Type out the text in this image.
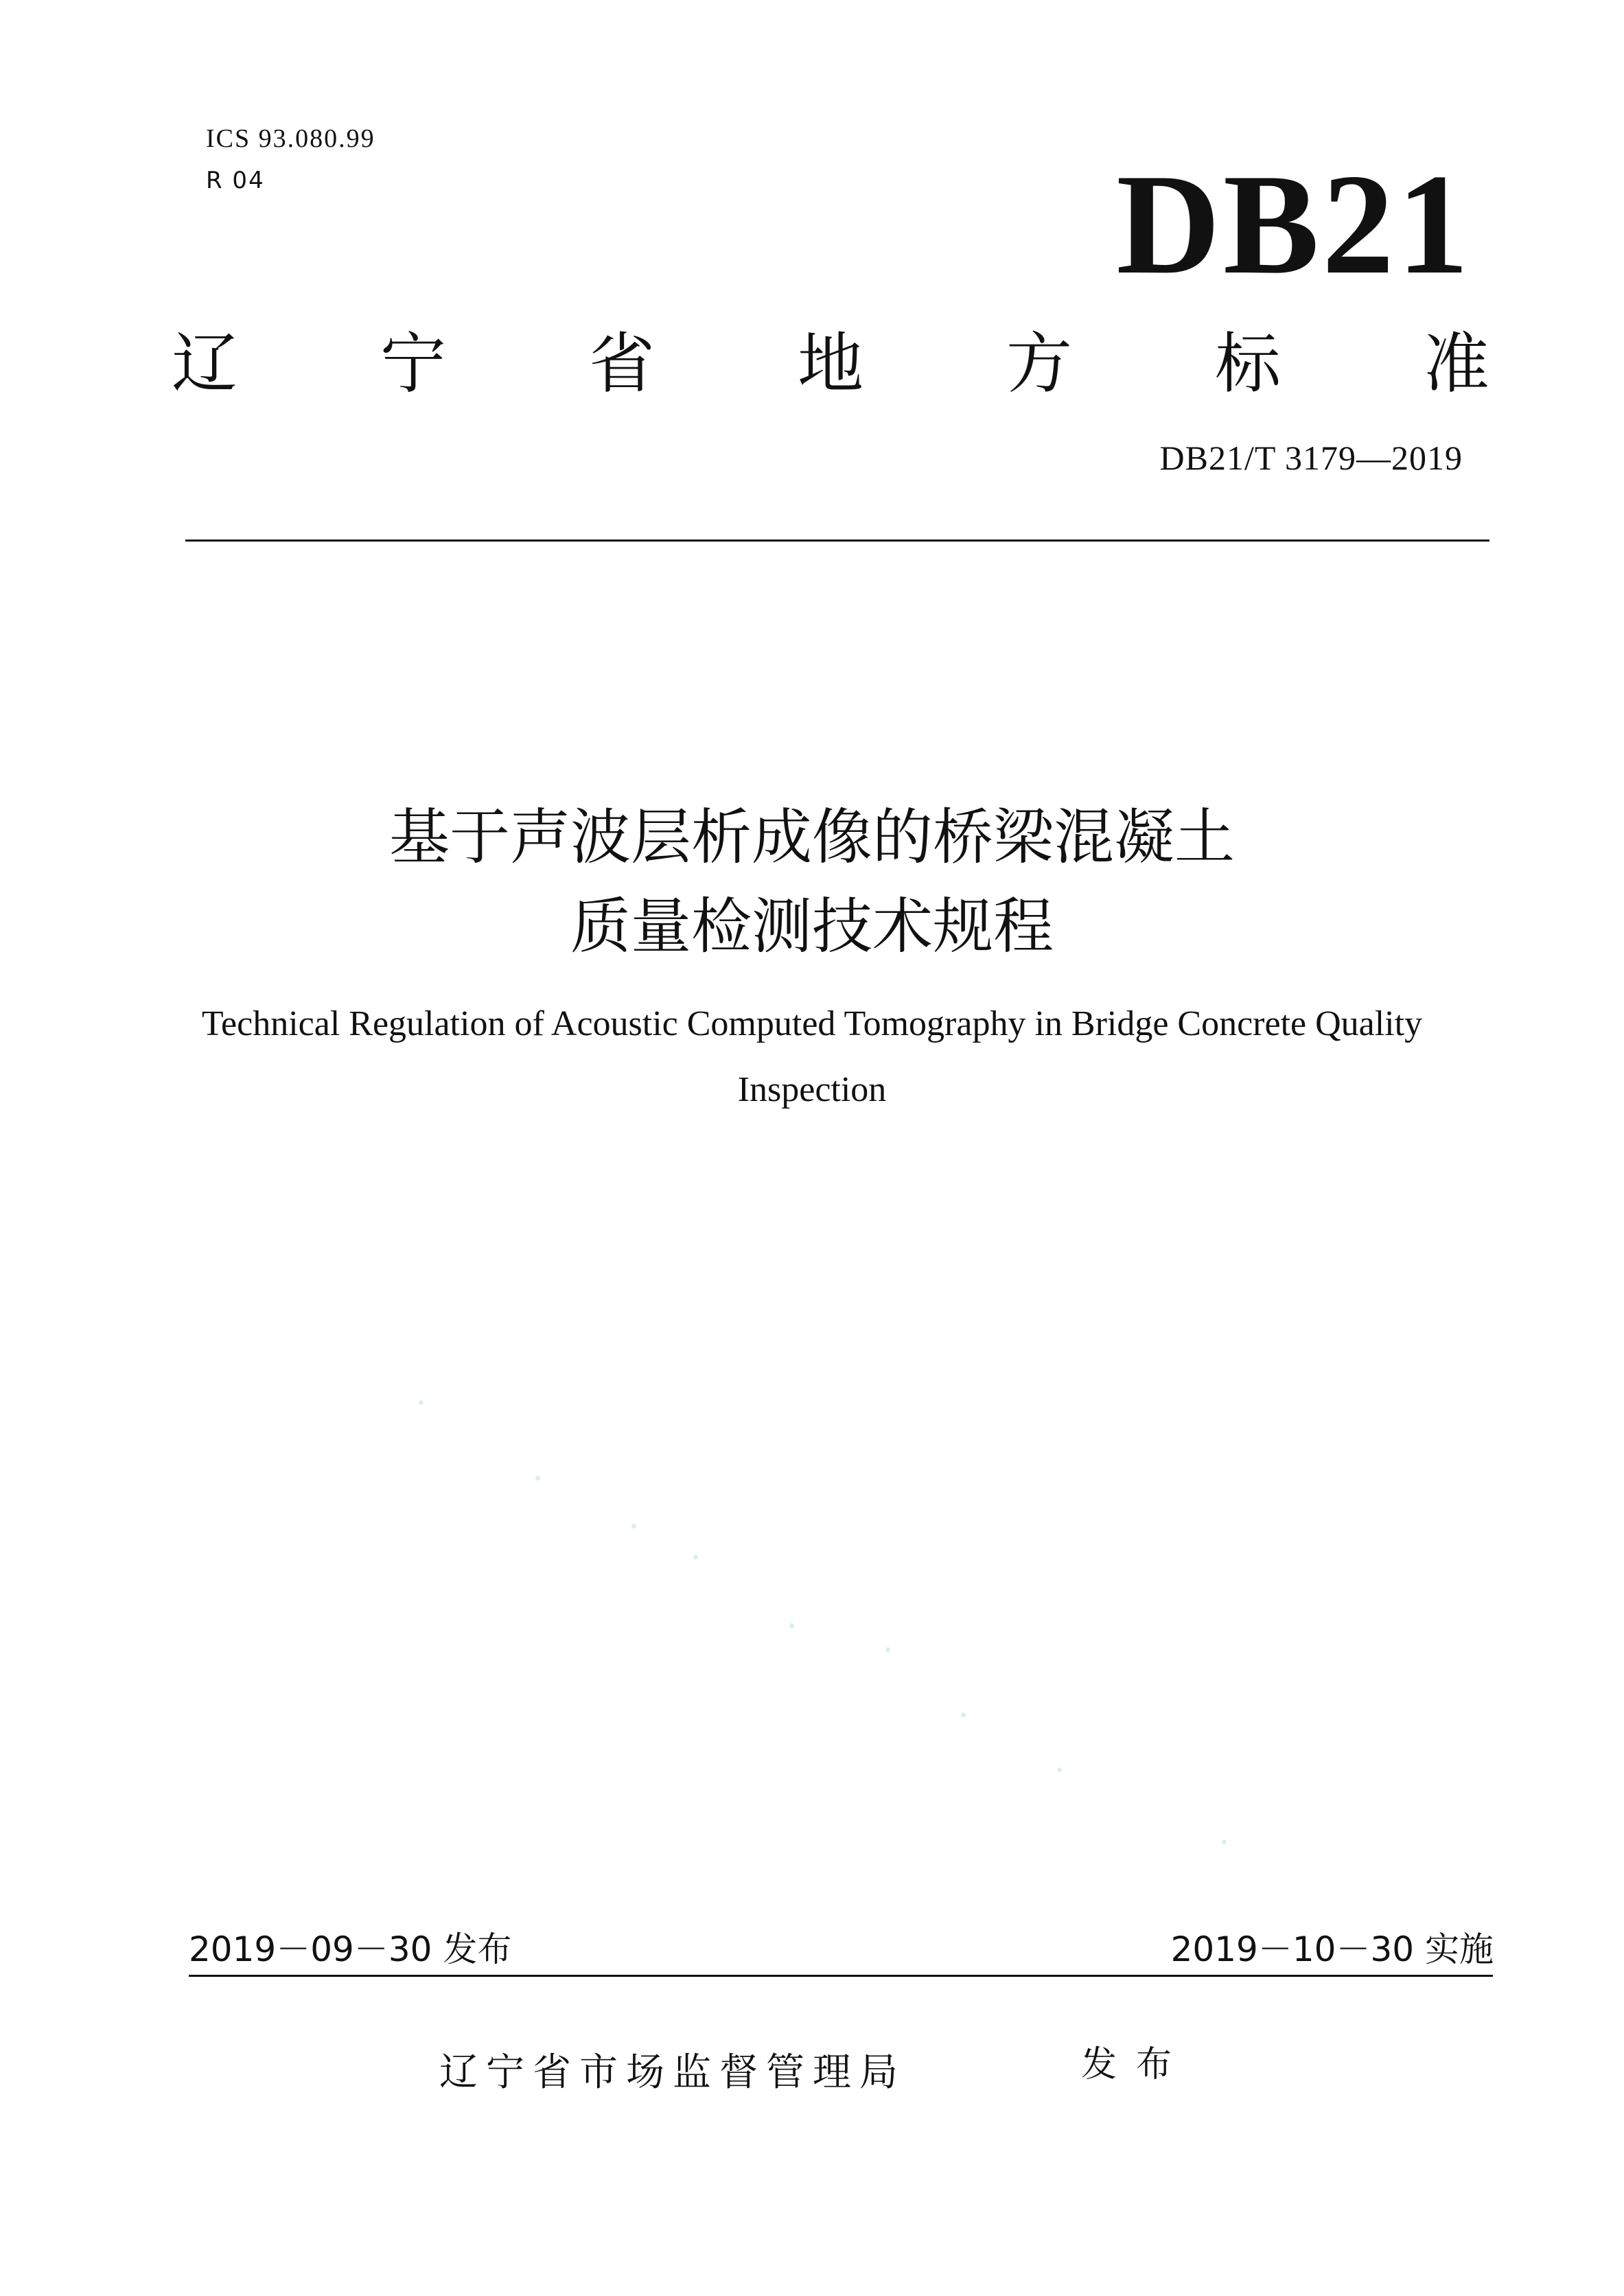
ICS 93.080.99
R 04	DB21
辽 宁 省 地 方 标 准
DB21/T 3179—2019
基于声波层析成像的桥梁混凝土
质量检测技术规程
Technical Regulation of Acoustic Computed Tomography in Bridge Concrete Quality
Inspection
2019－09－30 发布	2019－10－30 实施
辽宁省市场监督管理局	发布
